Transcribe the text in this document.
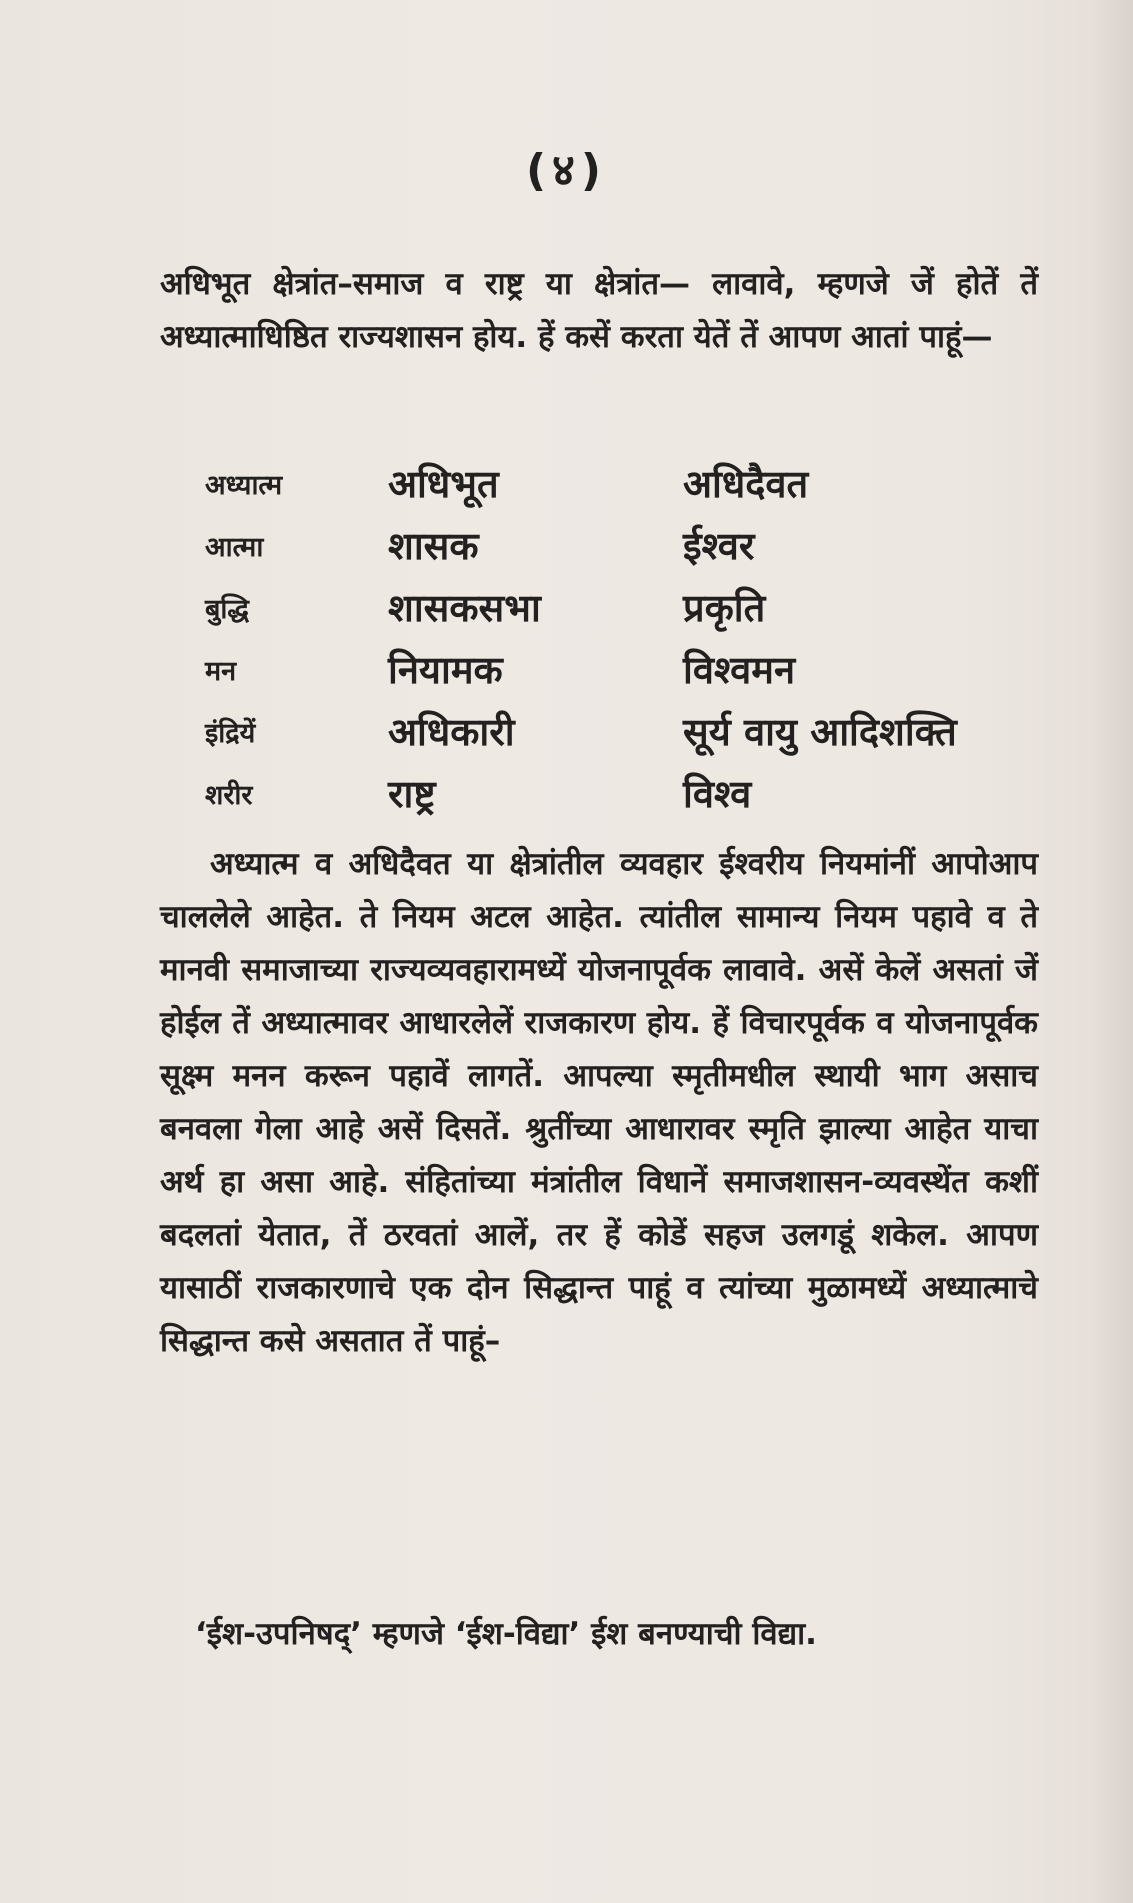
(४)
अधिभूत क्षेत्रांत–समाज व राष्ट्र या क्षेत्रांत— लावावे, म्हणजे जें होतें तें अध्यात्माधिष्ठित राज्यशासन होय. हें कसें करता येतें तें आपण आतां पाहूं—
अध्यात्म	अधिभूत	अधिदैवत
आत्मा	शासक	ईश्वर
बुद्धि	शासकसभा	प्रकृति
मन	नियामक	विश्वमन
इंद्रियें	अधिकारी	सूर्य वायु आदिशक्ति
शरीर	राष्ट्र	विश्व
अध्यात्म व अधिदैवत या क्षेत्रांतील व्यवहार ईश्वरीय नियमांनीं आपोआप चाललेले आहेत. ते नियम अटल आहेत. त्यांतील सामान्य नियम पहावे व ते मानवी समाजाच्या राज्यव्यवहारामध्यें योजनापूर्वक लावावे. असें केलें असतां जें होईल तें अध्यात्मावर आधारलेलें राजकारण होय. हें विचारपूर्वक व योजनापूर्वक सूक्ष्म मनन करून पहावें लागतें. आपल्या स्मृतीमधील स्थायी भाग असाच बनवला गेला आहे असें दिसतें. श्रुतींच्या आधारावर स्मृति झाल्या आहेत याचा अर्थ हा असा आहे. संहितांच्या मंत्रांतील विधानें समाजशासन-व्यवस्थेंत कशीं बदलतां येतात, तें ठरवतां आलें, तर हें कोडें सहज उलगडूं शकेल. आपण यासाठीं राजकारणाचे एक दोन सिद्धान्त पाहूं व त्यांच्या मुळामध्यें अध्यात्माचे सिद्धान्त कसे असतात तें पाहूं–
‘ईश-उपनिषद्’ म्हणजे ‘ईश-विद्या’ ईश बनण्याची विद्या.
